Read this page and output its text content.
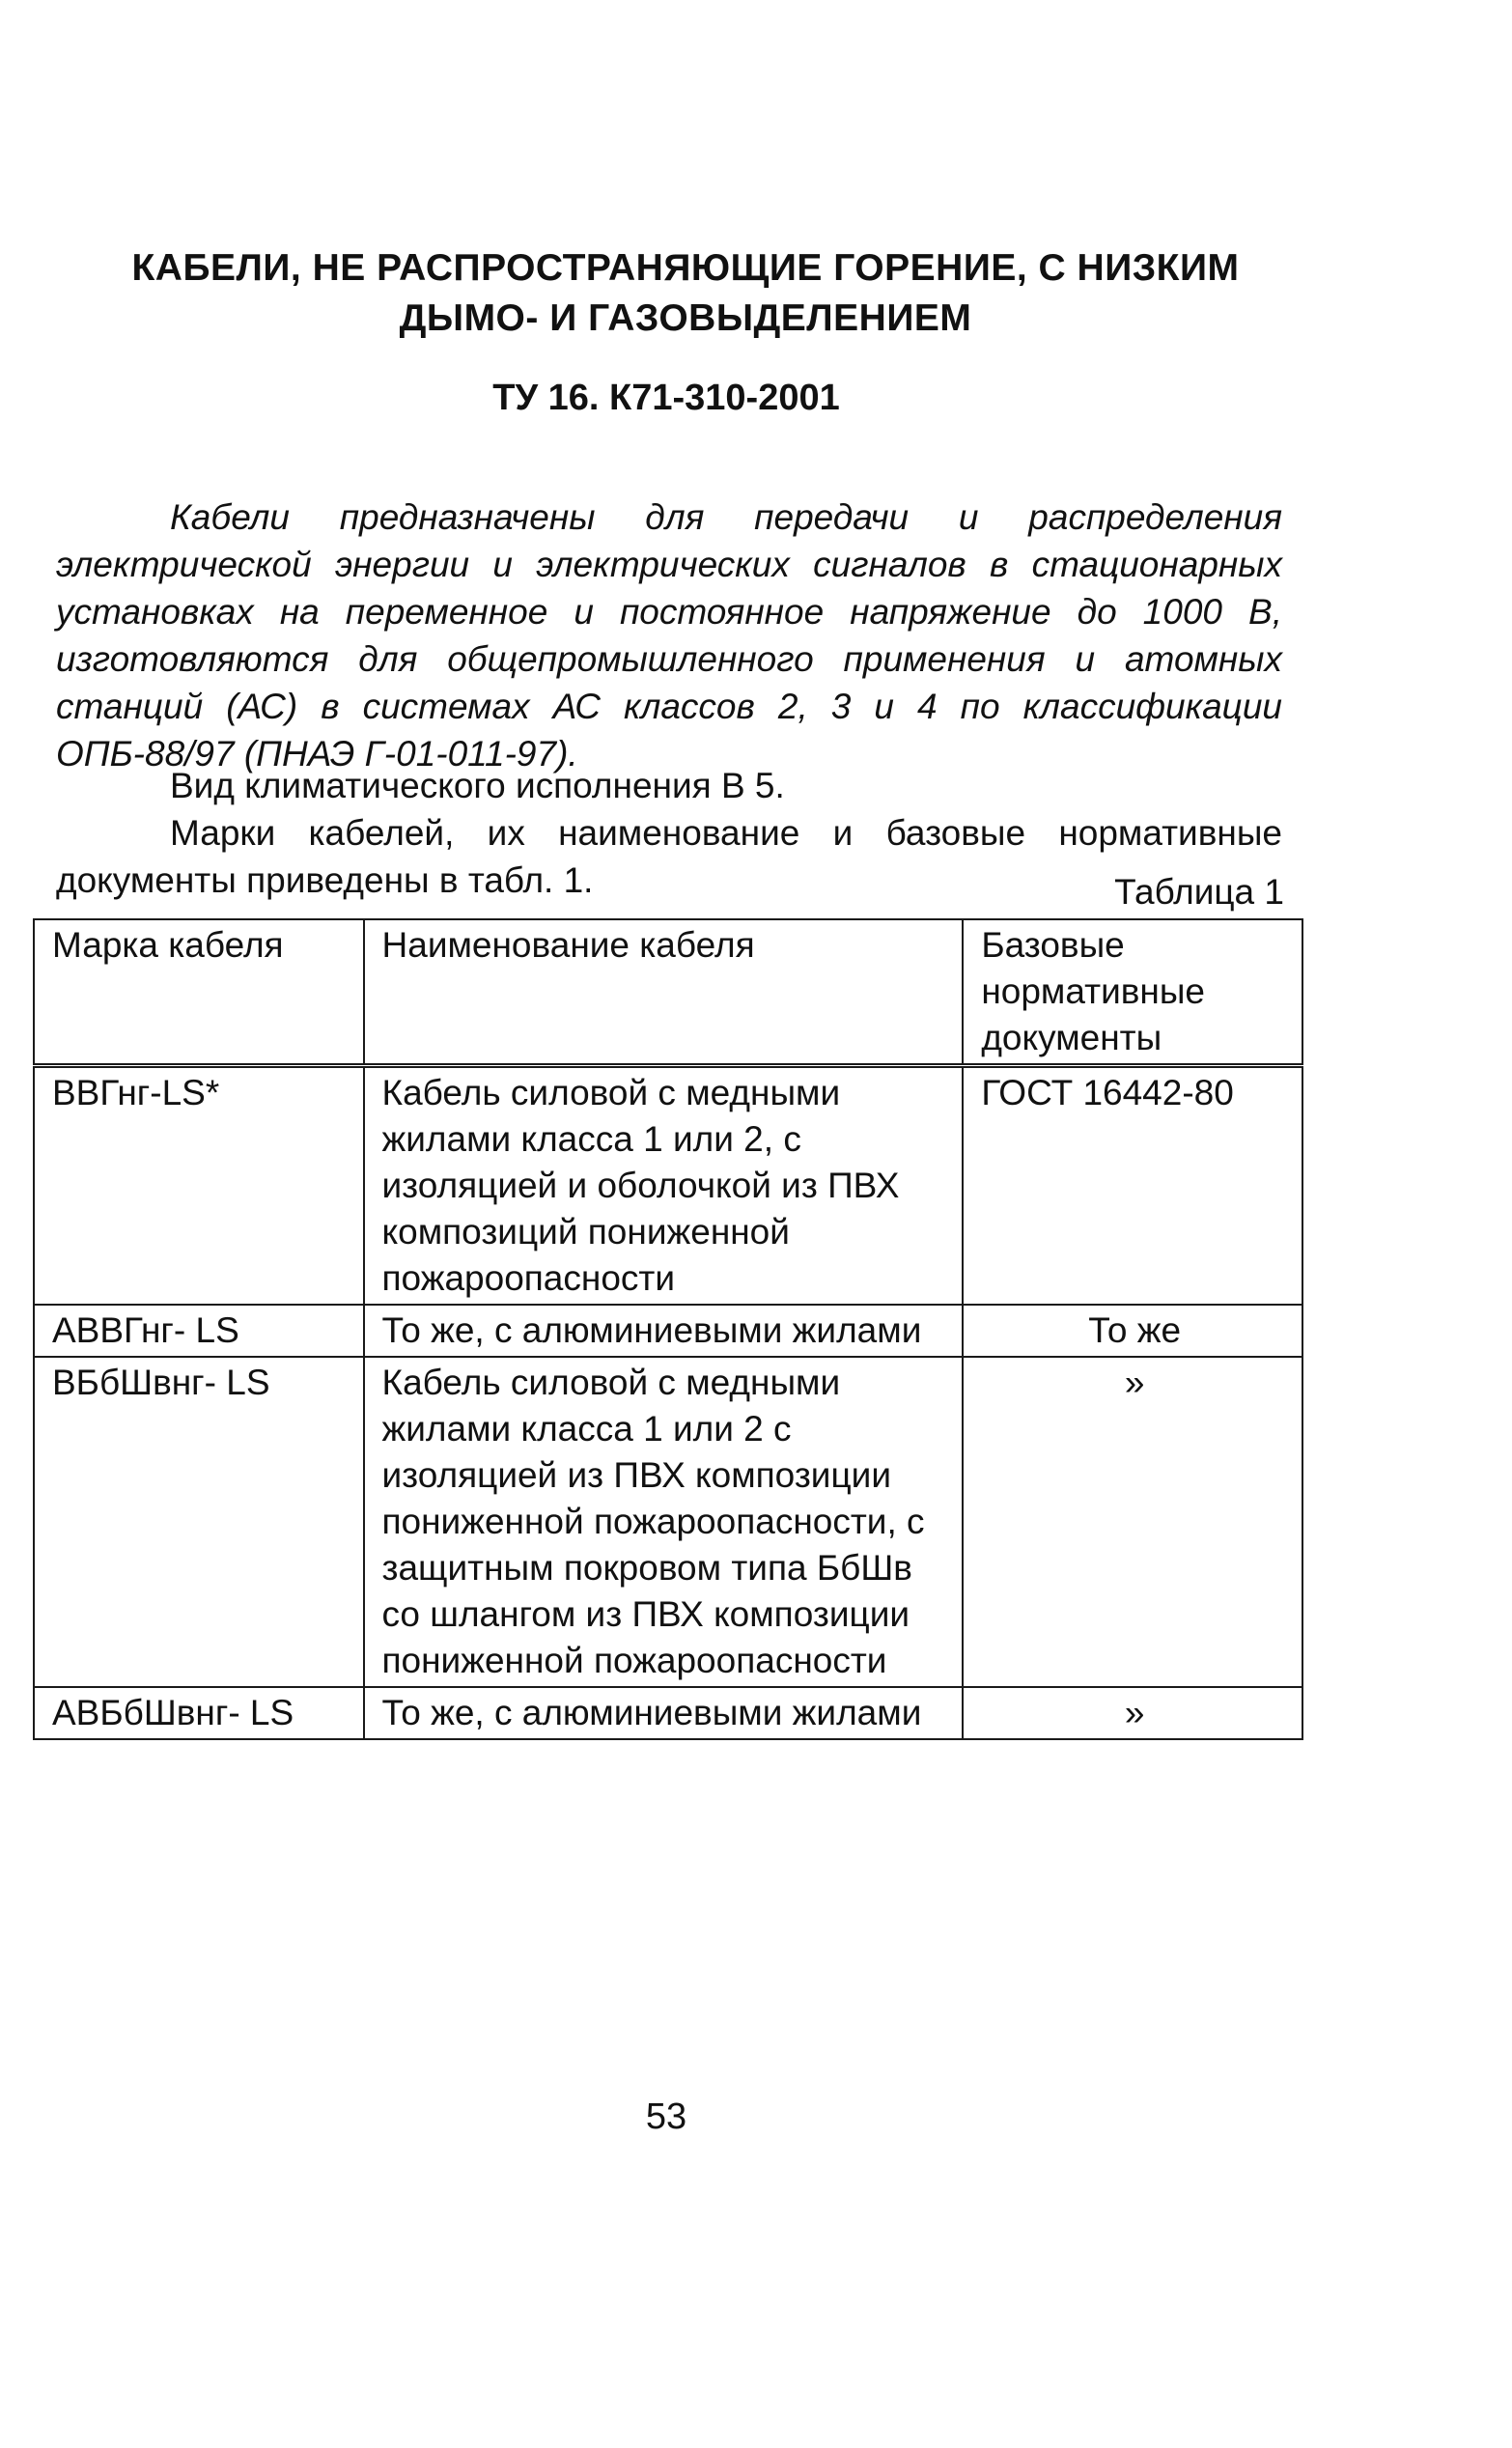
КАБЕЛИ, НЕ РАСПРОСТРАНЯЮЩИЕ ГОРЕНИЕ, С НИЗКИМ
ДЫМО- И ГАЗОВЫДЕЛЕНИЕМ
ТУ 16. К71-310-2001

Кабели предназначены для передачи и распределения электрической энергии и электрических сигналов в стационарных установках на переменное и постоянное напряжение до 1000 В, изготовляются для общепромышленного применения и атомных станций (АС) в системах АС классов 2, 3 и 4 по классификации ОПБ-88/97 (ПНАЭ Г-01-011-97).

Вид климатического исполнения В 5.

Марки кабелей, их наименование и базовые нормативные документы приведены в табл. 1.	Таблица 1
Марка кабеля	Наименование кабеля	Базовые нормативные документы
ВВГнг-LS*	Кабель силовой с медными жилами класса 1 или 2, с изоляцией и оболочкой из ПВХ композиций пониженной пожароопасности	ГОСТ 16442-80
АВВГнг- LS	То же, с алюминиевыми жилами	То же
ВБбШвнг- LS	Кабель силовой с медными жилами класса 1 или 2 с изоляцией из ПВХ композиции пониженной пожароопасности, с защитным покровом типа БбШв со шлангом из ПВХ композиции пониженной пожароопасности	»
АВБбШвнг- LS	То же, с алюминиевыми жилами	»
53
